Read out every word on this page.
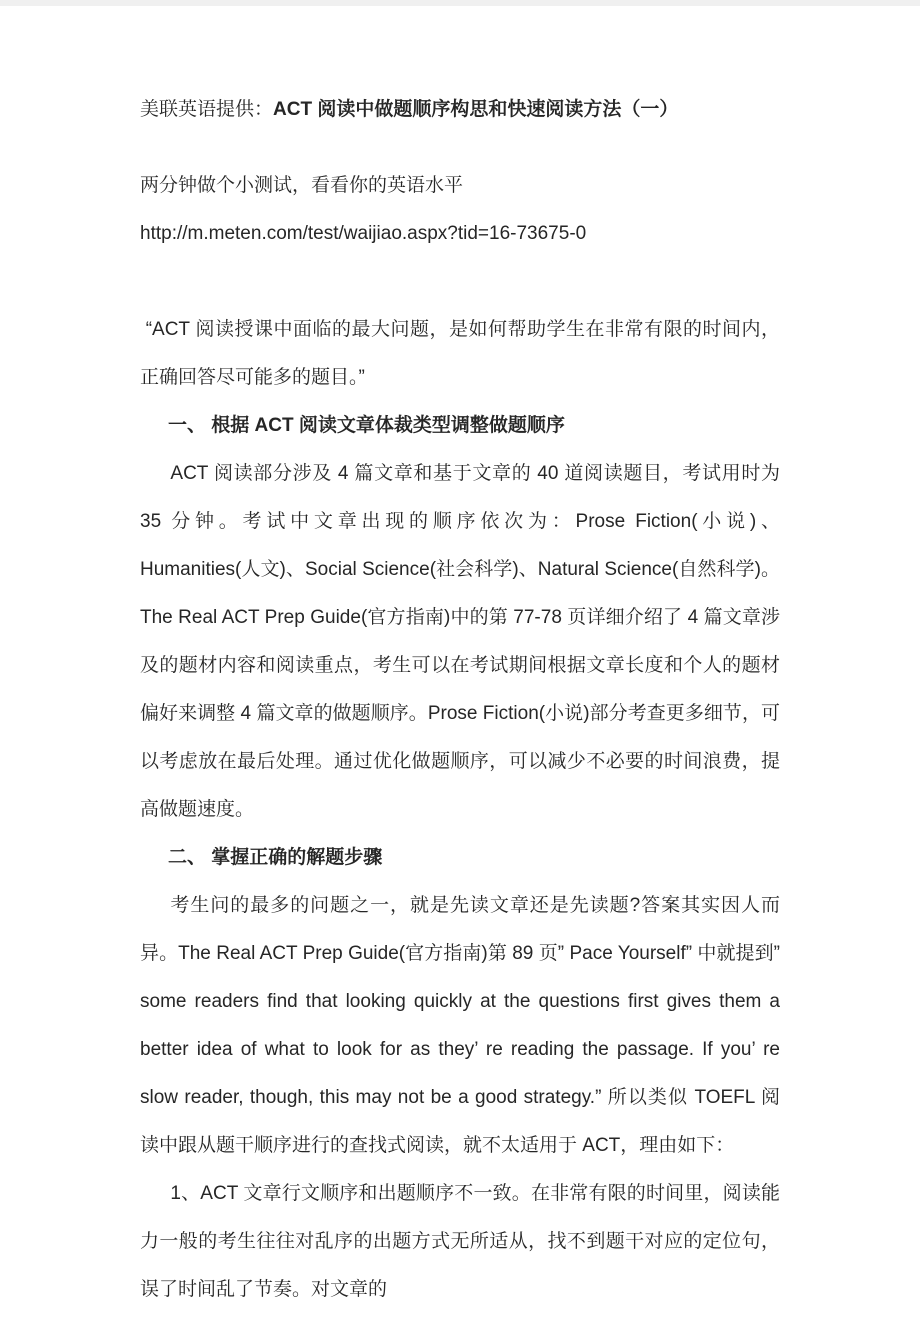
美联英语提供：ACT 阅读中做题顺序构思和快速阅读方法（一）

两分钟做个小测试，看看你的英语水平

http://m.meten.com/test/waijiao.aspx?tid=16-73675-0

“ACT 阅读授课中面临的最大问题，是如何帮助学生在非常有限的时间内，正确回答尽可能多的题目。”

一、 根据 ACT 阅读文章体裁类型调整做题顺序

ACT 阅读部分涉及 4 篇文章和基于文章的 40 道阅读题目，考试用时为 35 分钟。考试中文章出现的顺序依次为：Prose Fiction(小说)、Humanities(人文)、Social Science(社会科学)、Natural Science(自然科学)。The Real ACT Prep Guide(官方指南)中的第 77-78 页详细介绍了 4 篇文章涉及的题材内容和阅读重点，考生可以在考试期间根据文章长度和个人的题材偏好来调整 4 篇文章的做题顺序。Prose Fiction(小说)部分考查更多细节，可以考虑放在最后处理。通过优化做题顺序，可以减少不必要的时间浪费，提高做题速度。

二、 掌握正确的解题步骤

考生问的最多的问题之一，就是先读文章还是先读题?答案其实因人而异。The Real ACT Prep Guide(官方指南)第 89 页” Pace Yourself” 中就提到” some readers find that looking quickly at the questions first gives them a better idea of what to look for as they’ re reading the passage. If you’ re slow reader, though, this may not be a good strategy.” 所以类似 TOEFL 阅读中跟从题干顺序进行的查找式阅读，就不太适用于 ACT，理由如下：

1、ACT 文章行文顺序和出题顺序不一致。在非常有限的时间里，阅读能力一般的考生往往对乱序的出题方式无所适从，找不到题干对应的定位句，误了时间乱了节奏。对文章的
